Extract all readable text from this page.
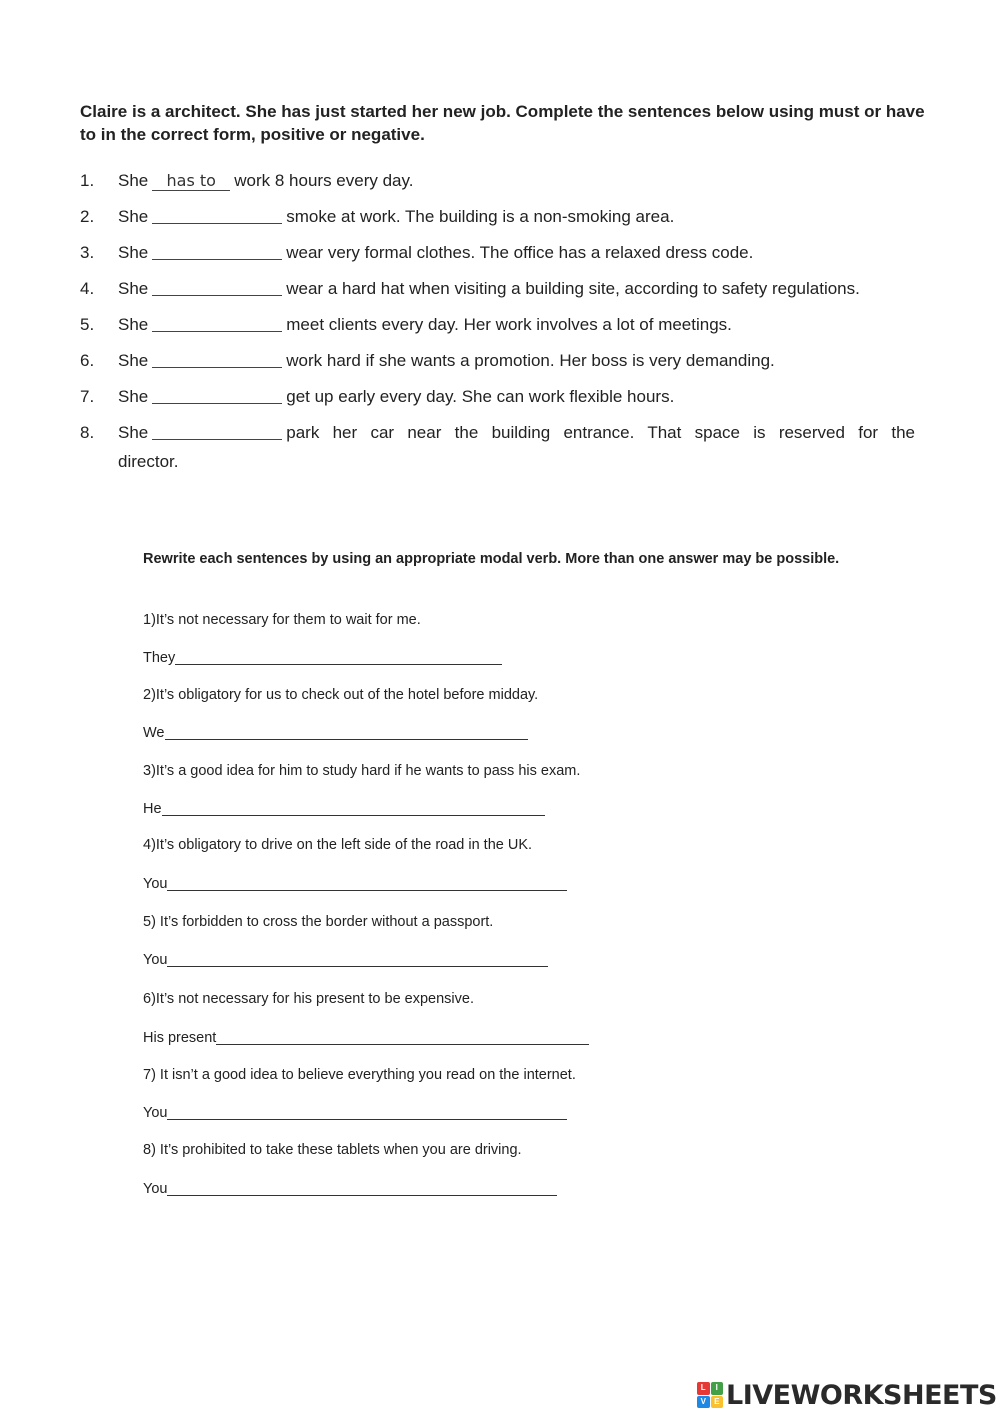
Claire is a architect. She has just started her new job. Complete the sentences below using must or have to in the correct form, positive or negative.
1. She has to work 8 hours every day.
2. She	smoke at work. The building is a non-smoking area.
3. She	wear very formal clothes. The office has a relaxed dress code.
4. She	wear a hard hat when visiting a building site, according to safety regulations.
5. She	meet clients every day. Her work involves a lot of meetings.
6. She	work hard if she wants a promotion. Her boss is very demanding.
7. She	get up early every day. She can work flexible hours.
8. She	park her car near the building entrance. That space is reserved for the
director.
Rewrite each sentences by using an appropriate modal verb. More than one answer may be possible.
1)It’s not necessary for them to wait for me.
They
2)It’s obligatory for us to check out of the hotel before midday.
We
3)It’s a good idea for him to study hard if he wants to pass his exam.
He
4)It’s obligatory to drive on the left side of the road in the UK.
You
5) It’s forbidden to cross the border without a passport.
You
6)It’s not necessary for his present to be expensive.
His present
7) It isn’t a good idea to believe everything you read on the internet.
You
8) It’s prohibited to take these tablets when you are driving.
You
L	I
V	E LIVEWORKSHEETS
